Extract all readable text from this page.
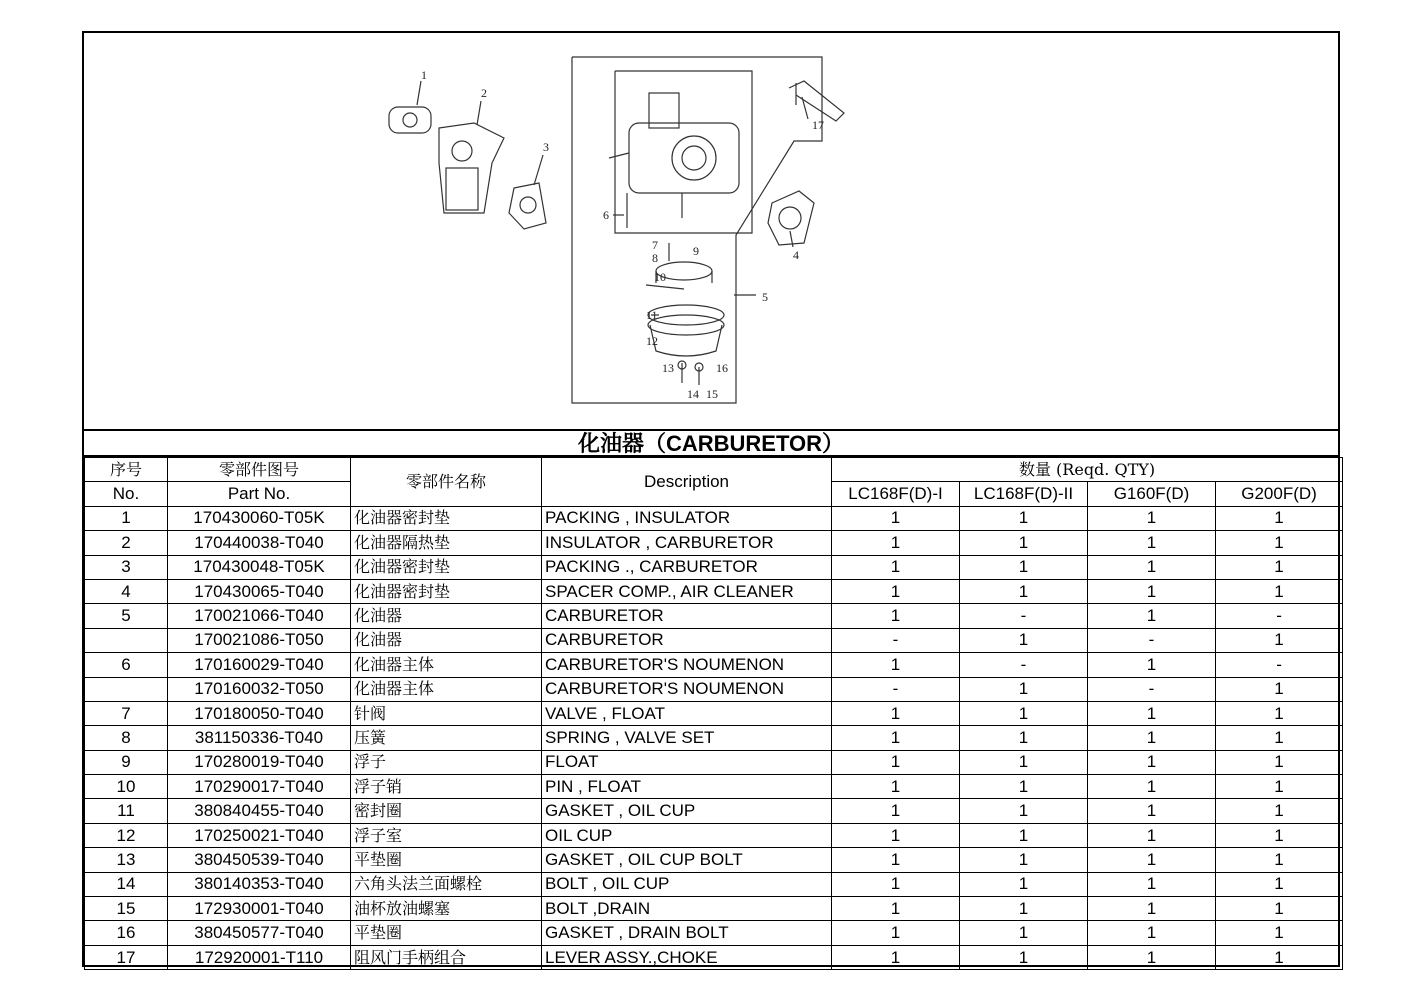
1
2
3
17
6
7
8	9
10
4
5
11
12
13	16
14 15
化油器（CARBURETOR）
序号	零部件图号	零部件名称	Description	数量 (Reqd. QTY)			
No.	Part No.			LC168F(D)-I	LC168F(D)-II	G160F(D)	G200F(D)
1	170430060-T05K	化油器密封垫	PACKING , INSULATOR	1	1	1	1
2	170440038-T040	化油器隔热垫	INSULATOR , CARBURETOR	1	1	1	1
3	170430048-T05K	化油器密封垫	PACKING ., CARBURETOR	1	1	1	1
4	170430065-T040	化油器密封垫	SPACER COMP., AIR CLEANER	1	1	1	1
5	170021066-T040	化油器	CARBURETOR	1	-	1	-
	170021086-T050	化油器	CARBURETOR	-	1	-	1
6	170160029-T040	化油器主体	CARBURETOR'S NOUMENON	1	-	1	-
	170160032-T050	化油器主体	CARBURETOR'S NOUMENON	-	1	-	1
7	170180050-T040	针阀	VALVE , FLOAT	1	1	1	1
8	381150336-T040	压簧	SPRING , VALVE SET	1	1	1	1
9	170280019-T040	浮子	FLOAT	1	1	1	1
10	170290017-T040	浮子销	PIN , FLOAT	1	1	1	1
11	380840455-T040	密封圈	GASKET , OIL CUP	1	1	1	1
12	170250021-T040	浮子室	OIL CUP	1	1	1	1
13	380450539-T040	平垫圈	GASKET , OIL CUP BOLT	1	1	1	1
14	380140353-T040	六角头法兰面螺栓	BOLT , OIL CUP	1	1	1	1
15	172930001-T040	油杯放油螺塞	BOLT ,DRAIN	1	1	1	1
16	380450577-T040	平垫圈	GASKET , DRAIN BOLT	1	1	1	1
17	172920001-T110	阻风门手柄组合	LEVER ASSY.,CHOKE	1	1	1	1
